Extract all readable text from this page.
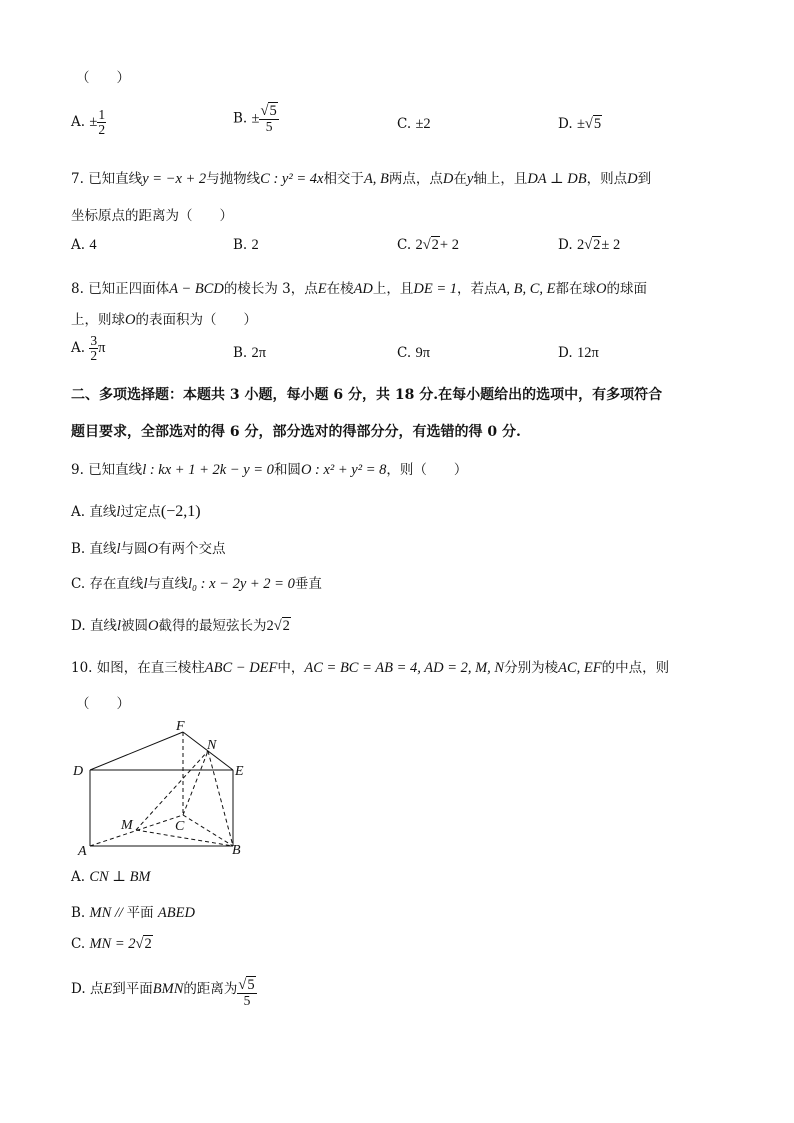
（　　）
A. ± $\frac{1}{2}$	B. ± $\frac{√5}{5}$	C. ±2	D. ±√5
7. 已知直线y = −x + 2与抛物线C : y² = 4x相交于A, B两点，点D在y轴上，且DA ⊥ DB，则点D到
坐标原点的距离为（　　）
A. 4	B. 2	C. 2√2+ 2	D. 2√2± 2
8. 已知正四面体A − BCD的棱长为 3，点E在棱AD上，且DE = 1，若点A, B, C, E都在球O的球面
上，则球O的表面积为（　　）
A. $\frac{3}{2}$ π	B. 2π	C. 9π	D. 12π
二、多项选择题：本题共 3 小题，每小题 6 分，共 18 分.在每小题给出的选项中，有多项符合
题目要求，全部选对的得 6 分，部分选对的得部分分，有选错的得 0 分.
9. 已知直线l : kx + 1 + 2k − y = 0和圆O : x² + y² = 8，则（　　）
A. 直线l过定点(−2,1)
B. 直线l与圆O有两个交点
C. 存在直线l与直线l₀ : x − 2y + 2 = 0垂直
D. 直线l被圆O截得的最短弦长为2√2
10. 如图，在直三棱柱ABC − DEF中，AC = BC = AB = 4, AD = 2, M, N分别为棱AC, EF的中点，则
（　　）
F
N
D	E
M	C
A	B
A. CN ⊥ BM
B. MN // 平面 ABED
C. MN = 2√2
D. 点E到平面BMN的距离为 $\frac{√5}{5}$
